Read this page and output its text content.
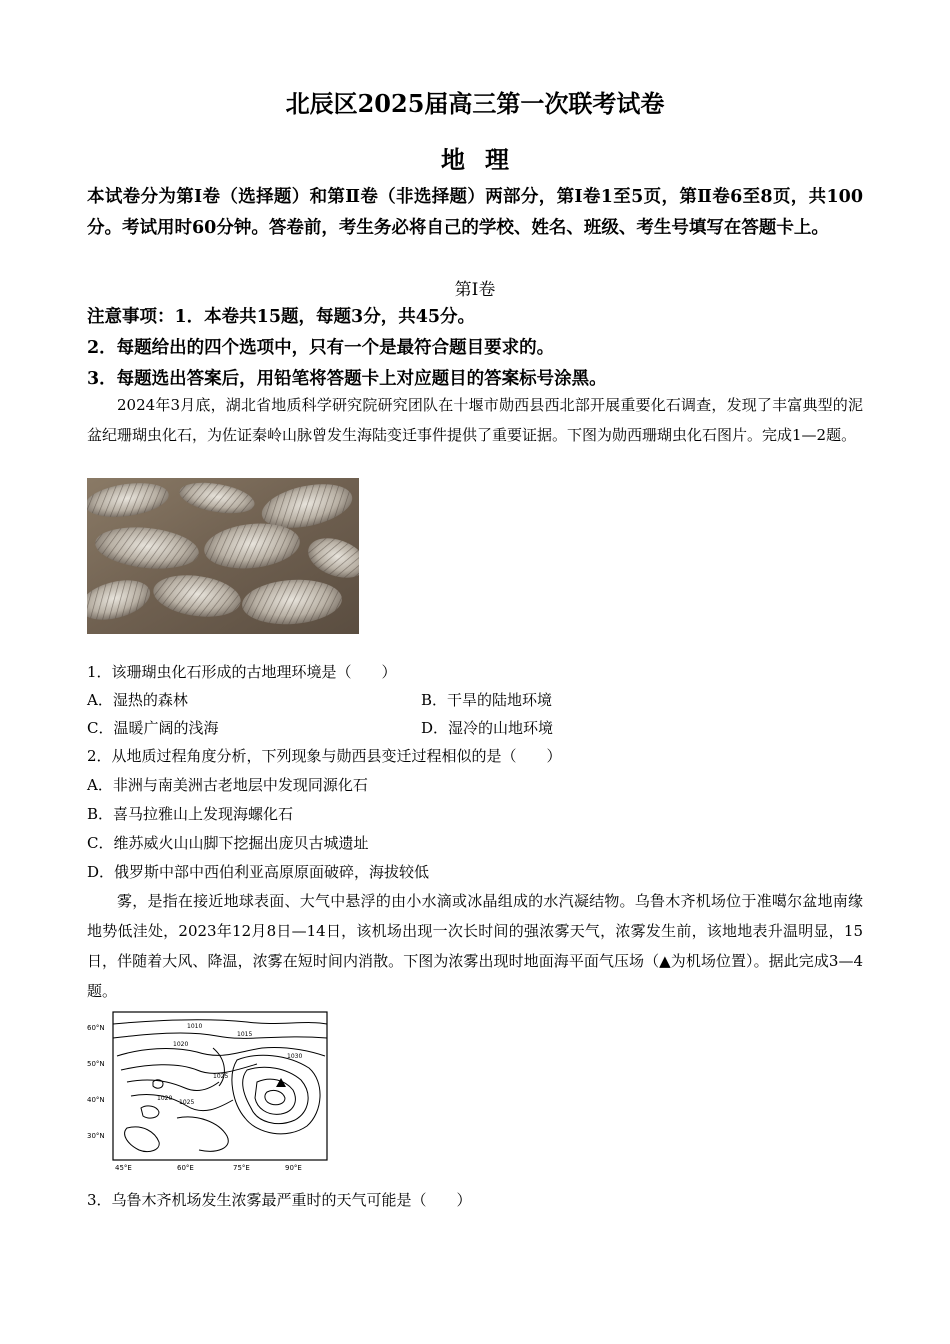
北辰区2025届高三第一次联考试卷
地理
本试卷分为第Ⅰ卷（选择题）和第Ⅱ卷（非选择题）两部分，第Ⅰ卷1至5页，第Ⅱ卷6至8页，共100分。考试用时60分钟。答卷前，考生务必将自己的学校、姓名、班级、考生号填写在答题卡上。
第Ⅰ卷
注意事项：1．本卷共15题，每题3分，共45分。
2．每题给出的四个选项中，只有一个是最符合题目要求的。
3．每题选出答案后，用铅笔将答题卡上对应题目的答案标号涂黑。
2024年3月底，湖北省地质科学研究院研究团队在十堰市勋西县西北部开展重要化石调查，发现了丰富典型的泥盆纪珊瑚虫化石，为佐证秦岭山脉曾发生海陆变迁事件提供了重要证据。下图为勋西珊瑚虫化石图片。完成1—2题。
1．该珊瑚虫化石形成的古地理环境是（　　）
A．湿热的森林	B．干旱的陆地环境
C．温暖广阔的浅海	D．湿冷的山地环境
2．从地质过程角度分析，下列现象与勋西县变迁过程相似的是（　　）
A．非洲与南美洲古老地层中发现同源化石
B．喜马拉雅山上发现海螺化石
C．维苏威火山山脚下挖掘出庞贝古城遗址
D．俄罗斯中部中西伯利亚高原原面破碎，海拔较低
雾，是指在接近地球表面、大气中悬浮的由小水滴或冰晶组成的水汽凝结物。乌鲁木齐机场位于准噶尔盆地南缘地势低洼处，2023年12月8日—14日，该机场出现一次长时间的强浓雾天气，浓雾发生前，该地地表升温明显，15日，伴随着大风、降温，浓雾在短时间内消散。下图为浓雾出现时地面海平面气压场（▲为机场位置）。据此完成3—4题。
60°N
50°N
40°N
30°N
45°E	60°E	75°E	90°E
1010
1015
1020
1025
1030
1020
1025
3．乌鲁木齐机场发生浓雾最严重时的天气可能是（　　）
